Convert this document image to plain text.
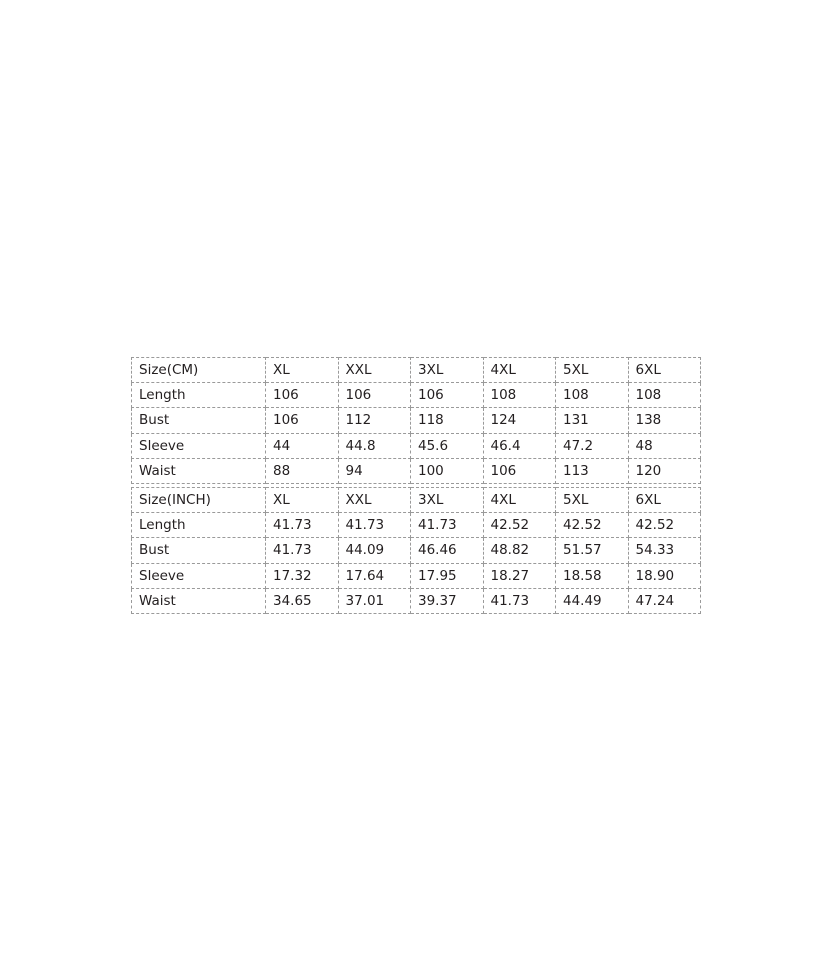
Size(CM)	XL	XXL	3XL	4XL	5XL	6XL
Length	106	106	106	108	108	108
Bust	106	112	118	124	131	138
Sleeve	44	44.8	45.6	46.4	47.2	48
Waist	88	94	100	106	113	120
Size(INCH)	XL	XXL	3XL	4XL	5XL	6XL
Length	41.73	41.73	41.73	42.52	42.52	42.52
Bust	41.73	44.09	46.46	48.82	51.57	54.33
Sleeve	17.32	17.64	17.95	18.27	18.58	18.90
Waist	34.65	37.01	39.37	41.73	44.49	47.24
